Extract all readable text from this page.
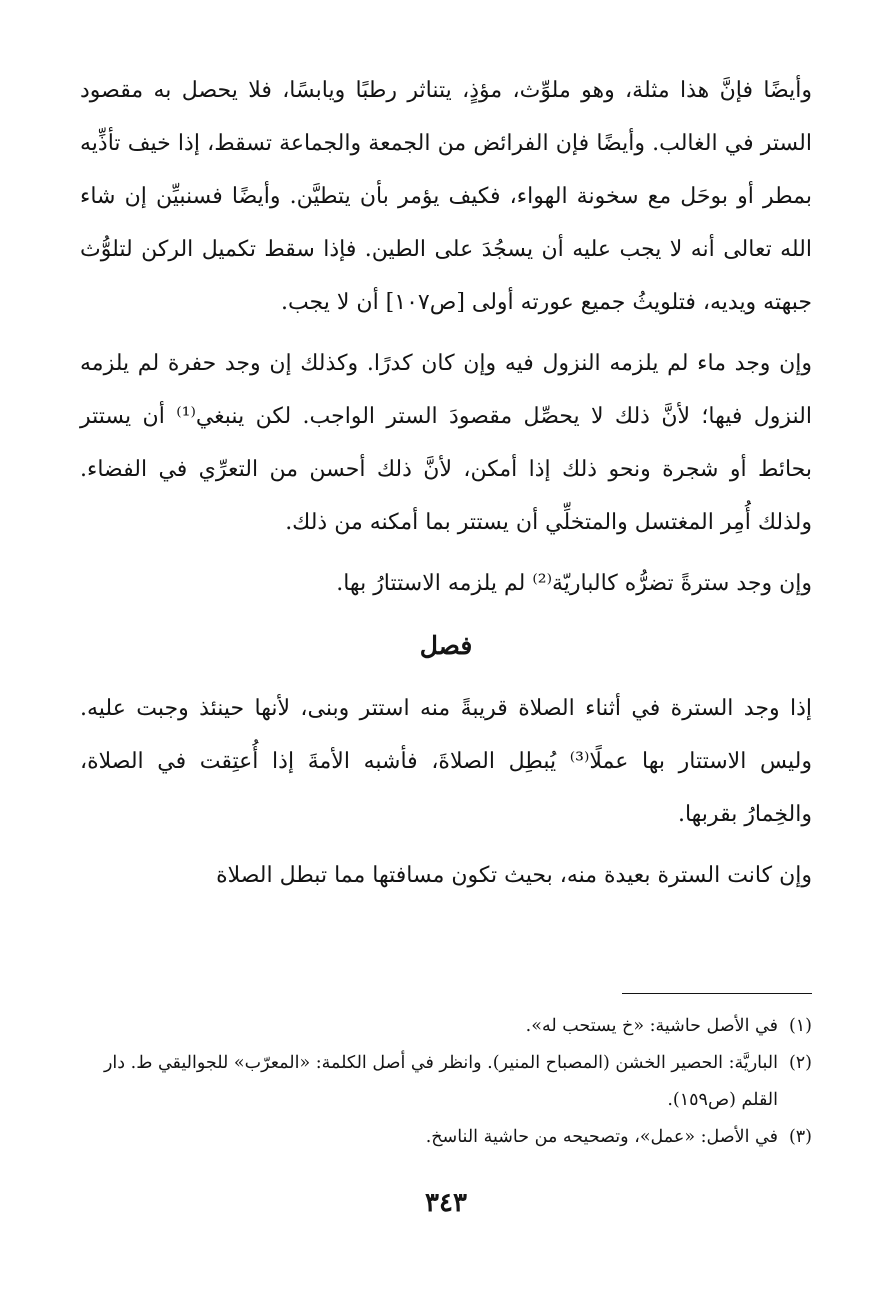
وأيضًا فإنَّ هذا مثلة، وهو ملوِّث، مؤذٍ، يتناثر رطبًا ويابسًا، فلا يحصل به مقصود الستر في الغالب. وأيضًا فإن الفرائض من الجمعة والجماعة تسقط، إذا خيف تأذِّيه بمطر أو بوحَل مع سخونة الهواء، فكيف يؤمر بأن يتطيَّن. وأيضًا فسنبيِّن إن شاء الله تعالى أنه لا يجب عليه أن يسجُدَ على الطين. فإذا سقط تكميل الركن لتلوُّث جبهته ويديه، فتلويثُ جميع عورته أولى [ص١٠٧] أن لا يجب.

وإن وجد ماء لم يلزمه النزول فيه وإن كان كدرًا. وكذلك إن وجد حفرة لم يلزمه النزول فيها؛ لأنَّ ذلك لا يحصِّل مقصودَ الستر الواجب. لكن ينبغي⁽¹⁾ أن يستتر بحائط أو شجرة ونحو ذلك إذا أمكن، لأنَّ ذلك أحسن من التعرِّي في الفضاء. ولذلك أُمِر المغتسل والمتخلِّي أن يستتر بما أمكنه من ذلك.

وإن وجد سترةً تضرُّه كالباريّة⁽²⁾ لم يلزمه الاستتارُ بها.

فصل

إذا وجد السترة في أثناء الصلاة قريبةً منه استتر وبنى، لأنها حينئذ وجبت عليه. وليس الاستتار بها عملًا⁽³⁾ يُبطِل الصلاةَ، فأشبه الأمةَ إذا أُعتِقت في الصلاة، والخِمارُ بقربها.

وإن كانت السترة بعيدة منه، بحيث تكون مسافتها مما تبطل الصلاة

(١)
في الأصل حاشية: «خ يستحب له».
(٢)
الباريَّة: الحصير الخشن (المصباح المنير). وانظر في أصل الكلمة: «المعرّب» للجواليقي ط. دار القلم (ص١٥٩).
(٣)
في الأصل: «عمل»، وتصحيحه من حاشية الناسخ.
٣٤٣
